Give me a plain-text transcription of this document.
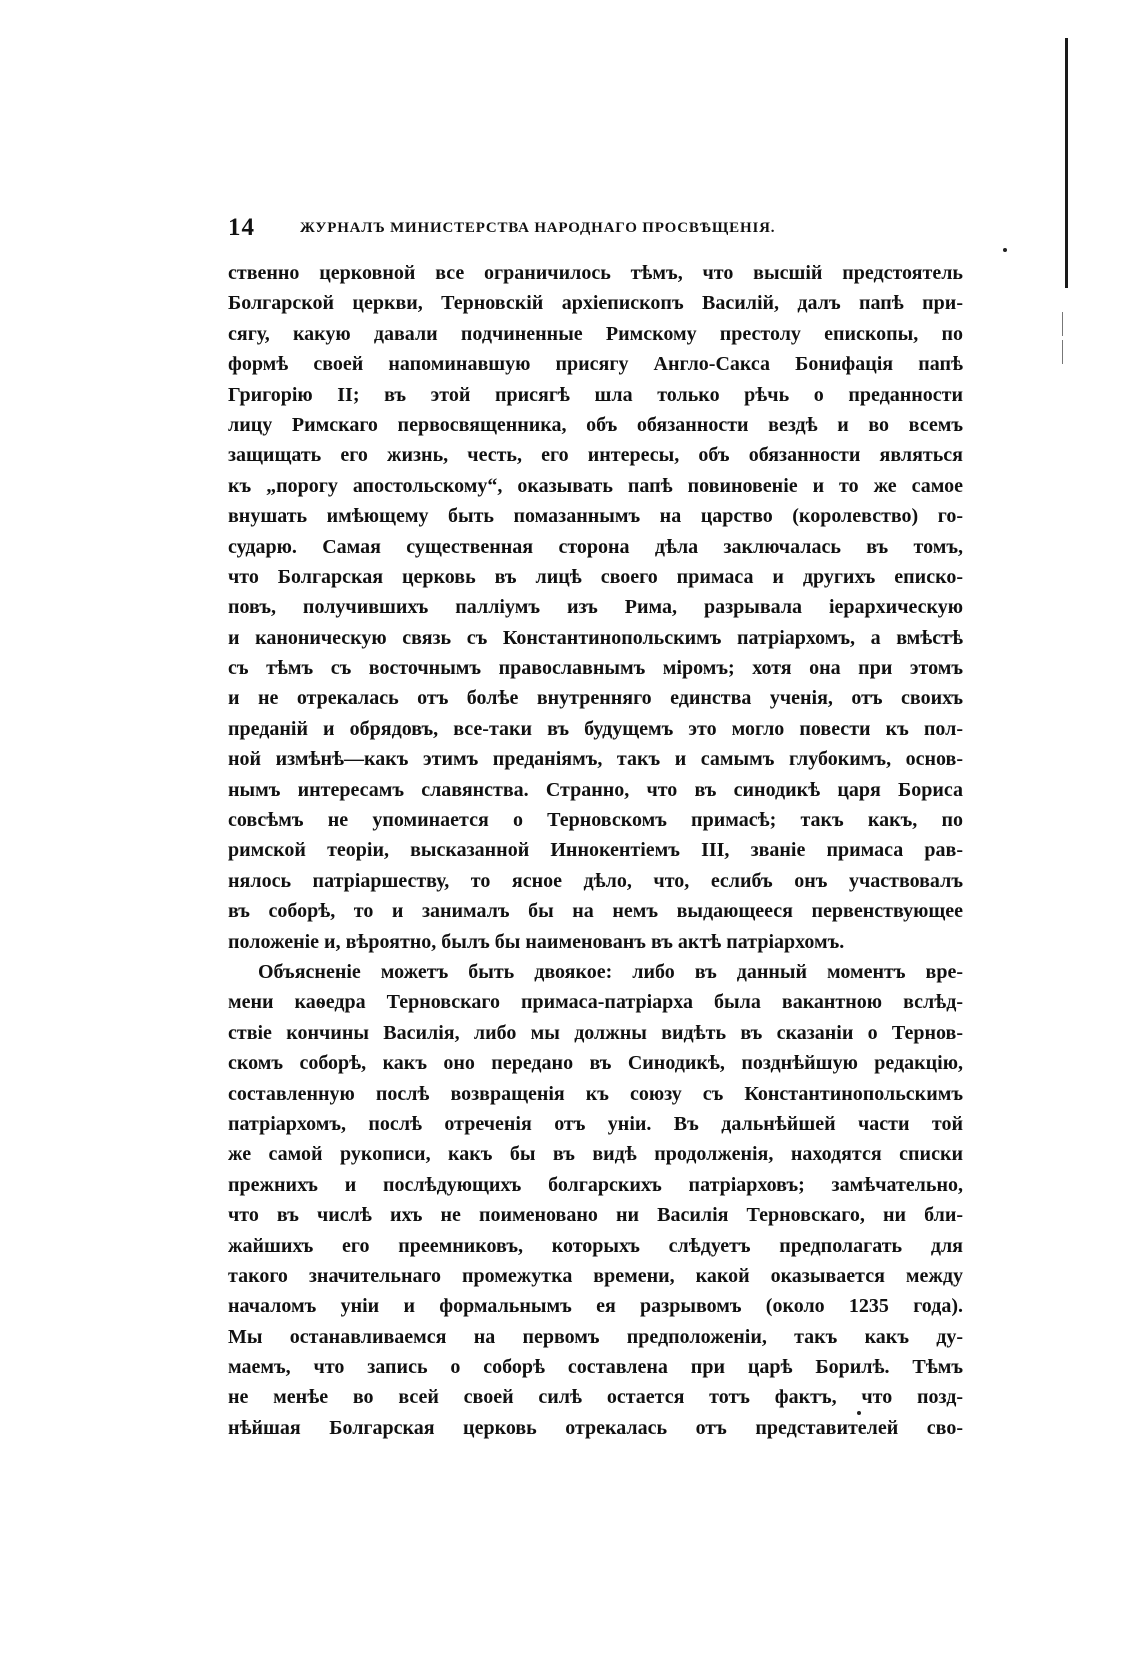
14	ЖУРНАЛЪ МИНИСТЕРСТВА НАРОДНАГО ПРОСВѢЩЕНІЯ.
ственно церковной все ограничилось тѣмъ, что высшій предстоятель
Болгарской церкви, Терновскій архіепископъ Василій, далъ папѣ при-
сягу, какую давали подчиненные Римскому престолу епископы, по
формѣ своей напоминавшую присягу Англо-Сакса Бонифація папѣ
Григорію II; въ этой присягѣ шла только рѣчь о преданности
лицу Римскаго первосвященника, объ обязанности вездѣ и во всемъ
защищать его жизнь, честь, его интересы, объ обязанности являться
къ „порогу апостольскому“, оказывать папѣ повиновеніе и то же самое
внушать имѣющему быть помазаннымъ на царство (королевство) го-
сударю. Самая существенная сторона дѣла заключалась въ томъ,
что Болгарская церковь въ лицѣ своего примаса и другихъ еписко-
повъ, получившихъ палліумъ изъ Рима, разрывала іерархическую
и каноническую связь съ Константинопольскимъ патріархомъ, а вмѣстѣ
съ тѣмъ съ восточнымъ православнымъ міромъ; хотя она при этомъ
и не отрекалась отъ болѣе внутренняго единства ученія, отъ своихъ
преданій и обрядовъ, все-таки въ будущемъ это могло повести къ пол-
ной измѣнѣ—какъ этимъ преданіямъ, такъ и самымъ глубокимъ, основ-
нымъ интересамъ славянства. Странно, что въ синодикѣ царя Бориса
совсѣмъ не упоминается о Терновскомъ примасѣ; такъ какъ, по
римской теоріи, высказанной Иннокентіемъ III, званіе примаса рав-
нялось патріаршеству, то ясное дѣло, что, еслибъ онъ участвовалъ
въ соборѣ, то и занималъ бы на немъ выдающееся первенствующее
положеніе и, вѣроятно, былъ бы наименованъ въ актѣ патріархомъ.
Объясненіе можетъ быть двоякое: либо въ данный моментъ вре-
мени каѳедра Терновскаго примаса-патріарха была вакантною вслѣд-
ствіе кончины Василія, либо мы должны видѣть въ сказаніи о Тернов-
скомъ соборѣ, какъ оно передано въ Синодикѣ, позднѣйшую редакцію,
составленную послѣ возвращенія къ союзу съ Константинопольскимъ
патріархомъ, послѣ отреченія отъ уніи. Въ дальнѣйшей части той
же самой рукописи, какъ бы въ видѣ продолженія, находятся списки
прежнихъ и послѣдующихъ болгарскихъ патріарховъ; замѣчательно,
что въ числѣ ихъ не поименовано ни Василія Терновскаго, ни бли-
жайшихъ его преемниковъ, которыхъ слѣдуетъ предполагать для
такого значительнаго промежутка времени, какой оказывается между
началомъ уніи и формальнымъ ея разрывомъ (около 1235 года).
Мы останавливаемся на первомъ предположеніи, такъ какъ ду-
маемъ, что запись о соборѣ составлена при царѣ Борилѣ. Тѣмъ
не менѣе во всей своей силѣ остается тотъ фактъ, что позд-
нѣйшая Болгарская церковь отрекалась отъ представителей сво-
